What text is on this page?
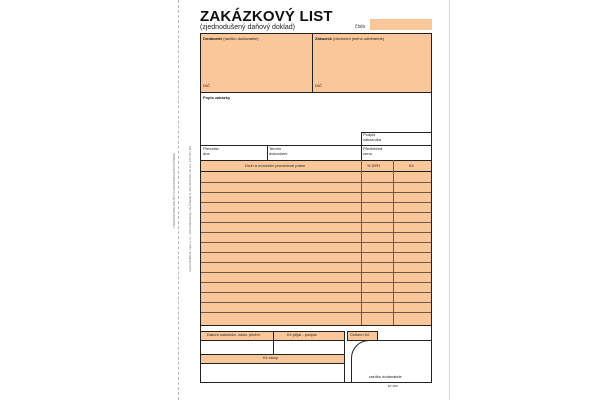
Vydal HOBLUS, spol. s r.o., Dolní Měcholupy, Na Čihadle 5, 102 00 Praha 10, tel.: 272 701 110
TISKOPIS PRO POUŽITÍ S PROPISOVACÍM PAPÍREM
ZAKÁZKOVÝ LIST
(zjednodušený daňový doklad)	číslo
Dodavatel (razítko dodavatele)	Zákazník (obchodní jméno odběratele)
DIČ	DIČ
Popis zakázky
Podpis
zákazníka
Převzato
dne
Termín
dokončení
Předběžná
cena
Druh a množství provedené práce	% DPH	Kč
Datum uskutečn. zdan. plnění	Kč přijal - podpis	Celkem Kč
Kč slovy
razítko dodavatele
ET 093
